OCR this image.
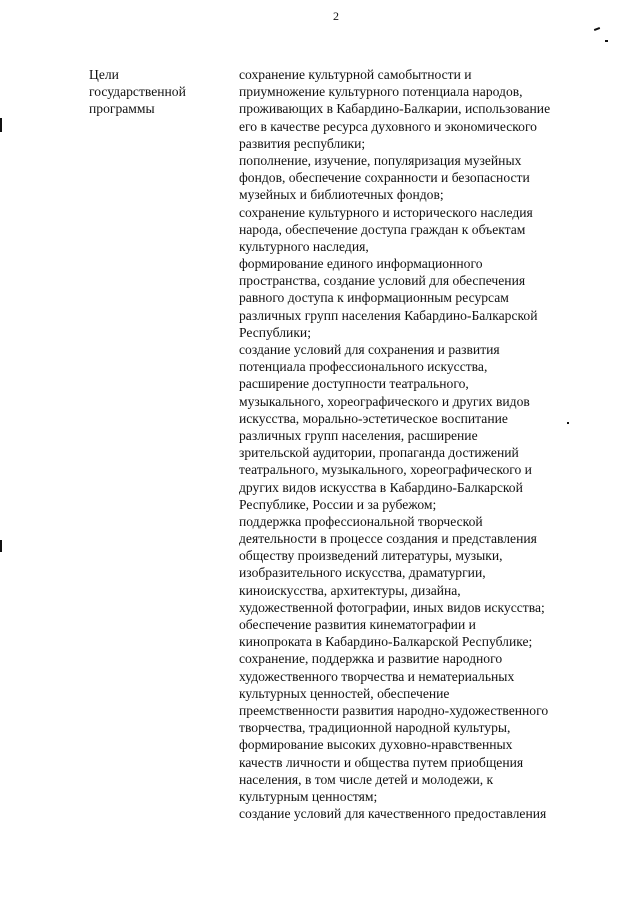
2
Цели
государственной
программы
сохранение культурной самобытности и
приумножение культурного потенциала народов,
проживающих в Кабардино-Балкарии, использование
его в качестве ресурса духовного и экономического
развития республики;
пополнение, изучение, популяризация музейных
фондов, обеспечение сохранности и безопасности
музейных и библиотечных фондов;
сохранение культурного и исторического наследия
народа, обеспечение доступа граждан к объектам
культурного наследия,
формирование единого информационного
пространства, создание условий для обеспечения
равного доступа к информационным ресурсам
различных групп населения Кабардино-Балкарской
Республики;
создание условий для сохранения и развития
потенциала профессионального искусства,
расширение доступности театрального,
музыкального, хореографического и других видов
искусства, морально-эстетическое воспитание
различных групп населения, расширение
зрительской аудитории, пропаганда достижений
театрального, музыкального, хореографического и
других видов искусства в Кабардино-Балкарской
Республике, России и за рубежом;
поддержка профессиональной творческой
деятельности в процессе создания и представления
обществу произведений литературы, музыки,
изобразительного искусства, драматургии,
киноискусства, архитектуры, дизайна,
художественной фотографии, иных видов искусства;
обеспечение развития кинематографии и
кинопроката в Кабардино-Балкарской Республике;
сохранение, поддержка и развитие народного
художественного творчества и нематериальных
культурных ценностей, обеспечение
преемственности развития народно-художественного
творчества, традиционной народной культуры,
формирование высоких духовно-нравственных
качеств личности и общества путем приобщения
населения, в том числе детей и молодежи, к
культурным ценностям;
создание условий для качественного предоставления
